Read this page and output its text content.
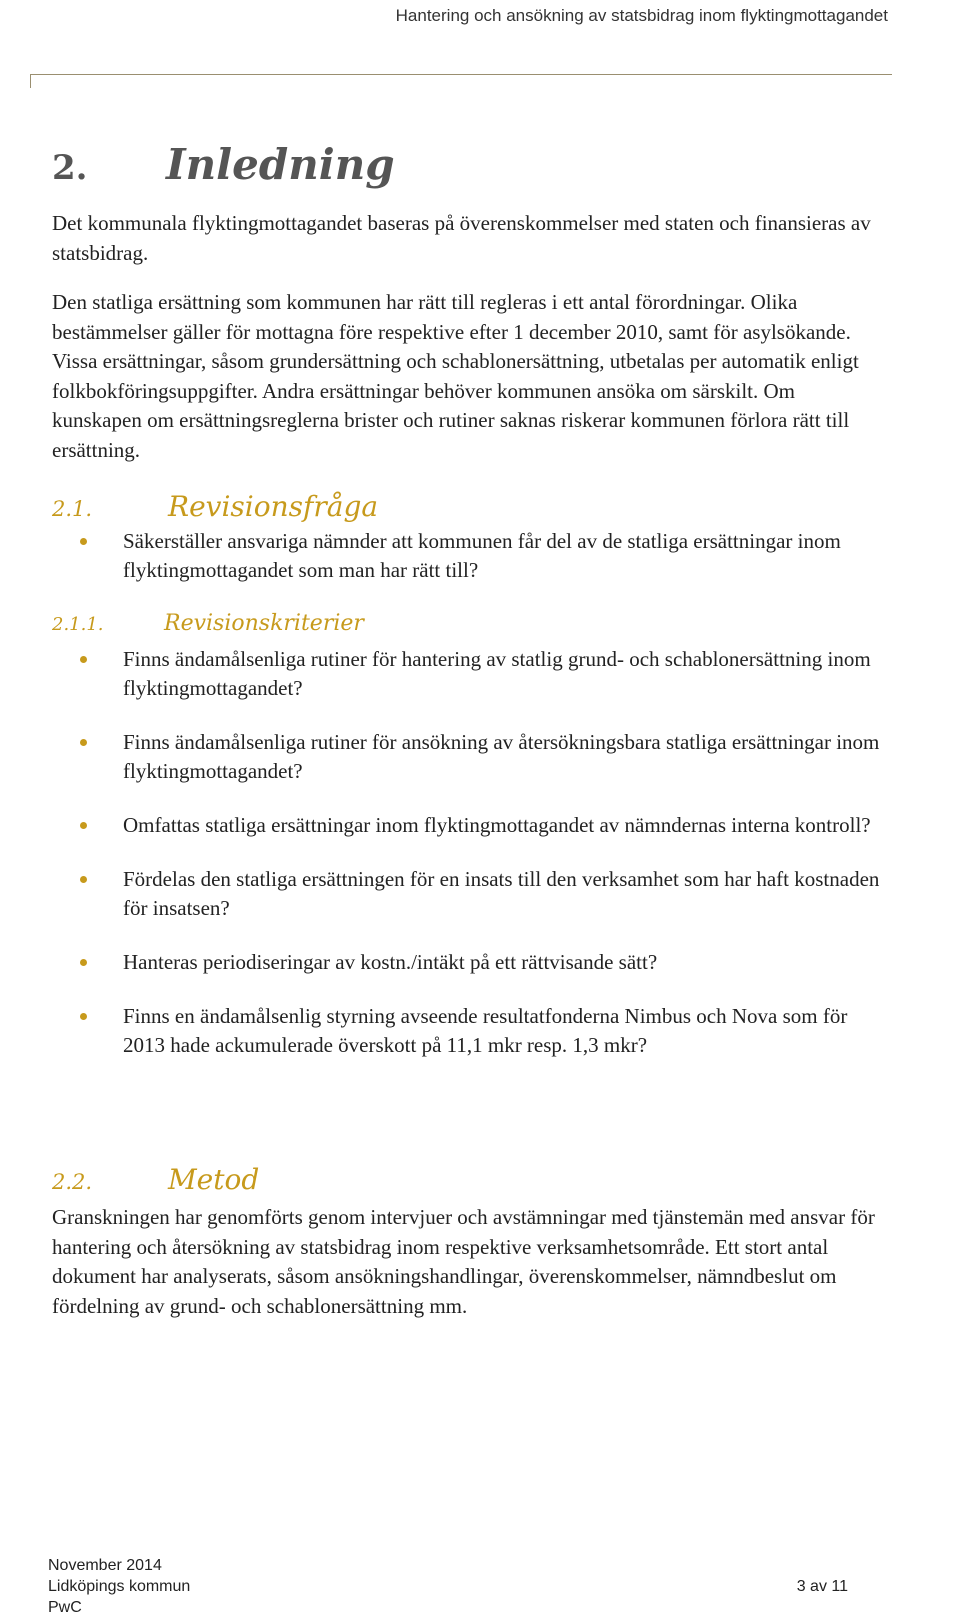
Hantering och ansökning av statsbidrag inom flyktingmottagandet
2.	Inledning

Det kommunala flyktingmottagandet baseras på överenskommelser med staten och finansieras av statsbidrag.

Den statliga ersättning som kommunen har rätt till regleras i ett antal förordningar. Olika bestämmelser gäller för mottagna före respektive efter 1 december 2010, samt för asylsökande. Vissa ersättningar, såsom grundersättning och schablonersättning, utbetalas per automatik enligt folkbokföringsuppgifter. Andra ersättningar behöver kommunen ansöka om särskilt. Om kunskapen om ersättningsreglerna brister och rutiner saknas riskerar kommunen förlora rätt till ersättning.

2.1.	Revisionsfråga
Säkerställer ansvariga nämnder att kommunen får del av de statliga ersättningar inom flyktingmottagandet som man har rätt till?
2.1.1.	Revisionskriterier
Finns ändamålsenliga rutiner för hantering av statlig grund- och schablonersättning inom flyktingmottagandet?
Finns ändamålsenliga rutiner för ansökning av återsökningsbara statliga ersättningar inom flyktingmottagandet?
Omfattas statliga ersättningar inom flyktingmottagandet av nämndernas interna kontroll?
Fördelas den statliga ersättningen för en insats till den verksamhet som har haft kostnaden för insatsen?
Hanteras periodiseringar av kostn./intäkt på ett rättvisande sätt?
Finns en ändamålsenlig styrning avseende resultatfonderna Nimbus och Nova som för 2013 hade ackumulerade överskott på 11,1 mkr resp. 1,3 mkr?
2.2.	Metod

Granskningen har genomförts genom intervjuer och avstämningar med tjänstemän med ansvar för hantering och återsökning av statsbidrag inom respektive verksamhetsområde. Ett stort antal dokument har analyserats, såsom ansökningshandlingar, överenskommelser, nämndbeslut om fördelning av grund- och schablonersättning mm.

November 2014
Lidköpings kommun
PwC
3 av 11
